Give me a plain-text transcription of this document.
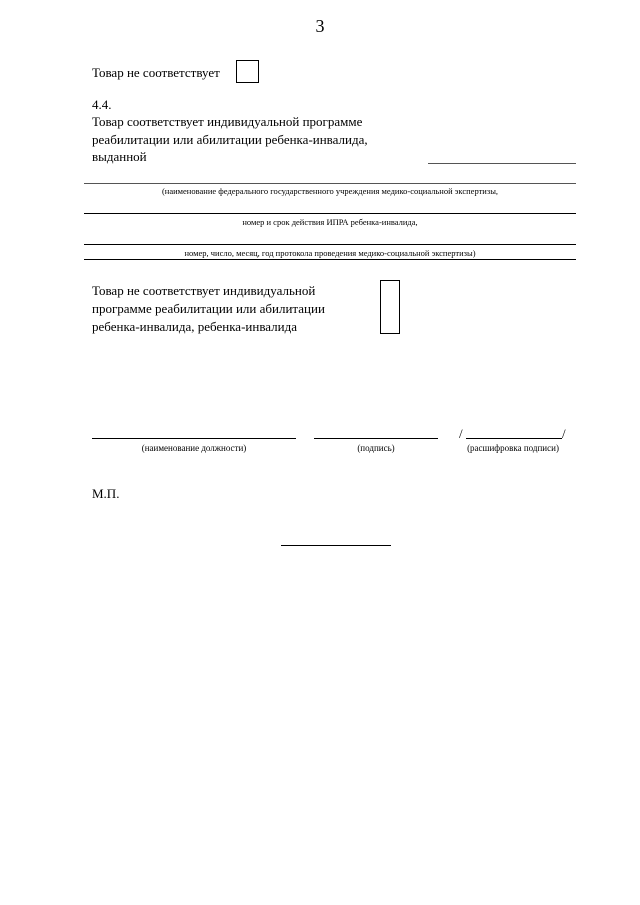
3
Товар не соответствует
4.4.
Товар соответствует индивидуальной программе
реабилитации или абилитации ребенка-инвалида,
выданной
(наименование федерального государственного учреждения медико-социальной экспертизы,
номер и срок действия ИПРА ребенка-инвалида,
номер, число, месяц, год протокола проведения медико-социальной экспертизы)
Товар не соответствует индивидуальной
программе реабилитации или абилитации
ребенка-инвалида, ребенка-инвалида
(наименование должности)	(подпись)
/	/
(расшифровка подписи)
М.П.
